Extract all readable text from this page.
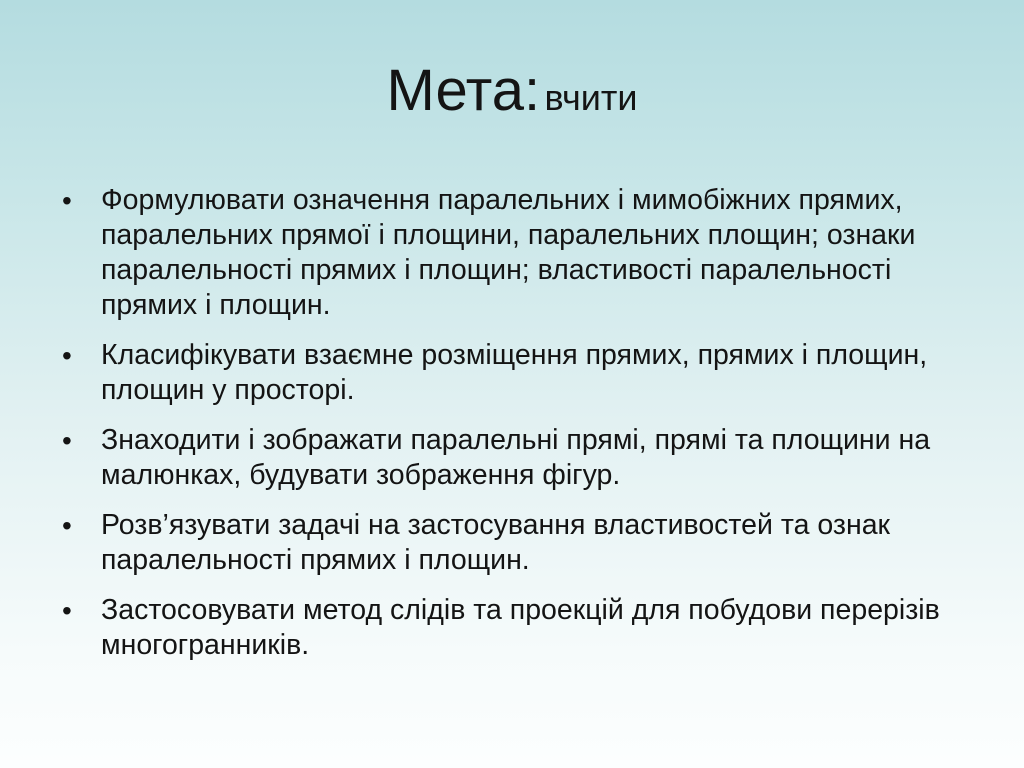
Мета: вчити
•	Формулювати означення паралельних і мимобіжних прямих, паралельних прямої і площини, паралельних площин; ознаки паралельності прямих і площин; властивості паралельності прямих і площин.
•	Класифікувати взаємне розміщення прямих, прямих і площин, площин у просторі.
•	Знаходити і зображати паралельні прямі, прямі та площини на малюнках, будувати зображення фігур.
•	Розв’язувати задачі на застосування властивостей та ознак паралельності прямих і площин.
•	Застосовувати метод слідів та проекцій для побудови перерізів многогранників.
